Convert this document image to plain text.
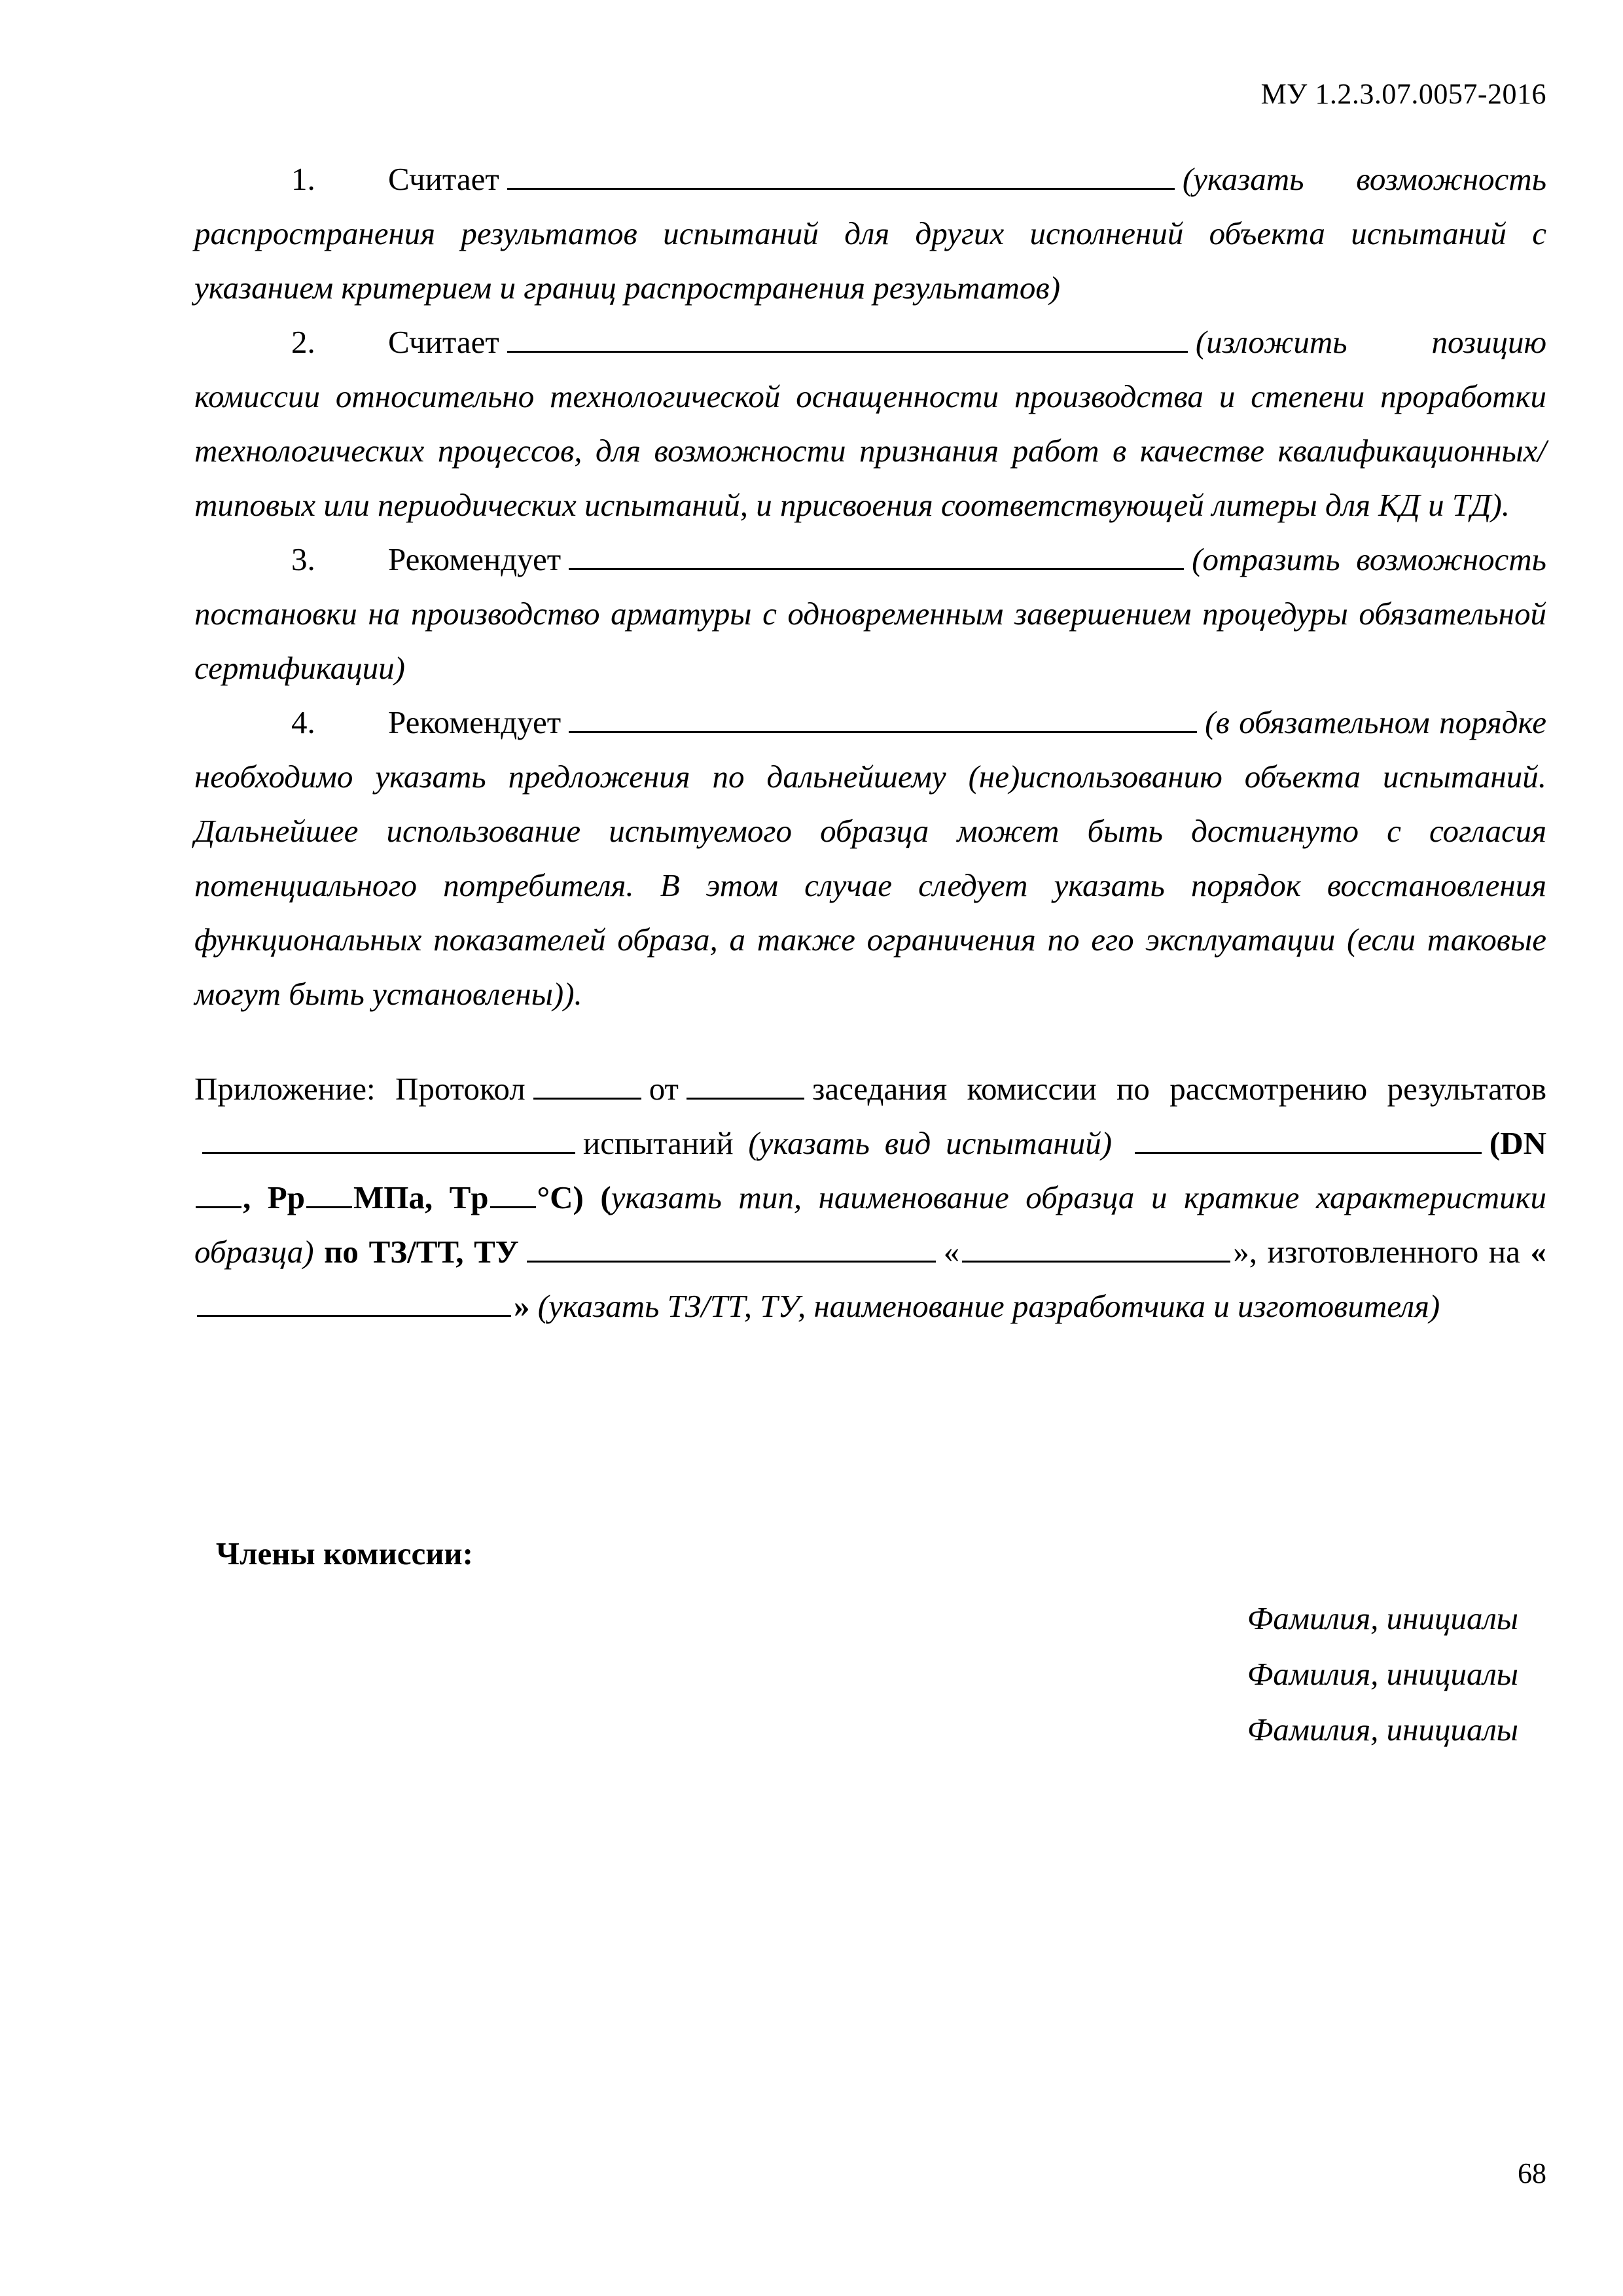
МУ 1.2.3.07.0057-2016

1. Считает	(указать возможность распространения результатов испытаний для других исполнений объекта испытаний с указанием критерием и границ распространения результатов)

2. Считает	(изложить позицию комиссии относительно технологической оснащенности производства и степени проработки технологических процессов, для возможности признания работ в качестве квалификационных/типовых или периодических испытаний, и присвоения соответствующей литеры для КД и ТД).

3. Рекомендует	(отразить возможность постановки на производство арматуры с одновременным завершением процедуры обязательной сертификации)

4. Рекомендует	(в обязательном порядке необходимо указать предложения по дальнейшему (не)использованию объекта испытаний. Дальнейшее использование испытуемого образца может быть достигнуто с согласия потенциального потребителя. В этом случае следует указать порядок восстановления функциональных показателей образа, а также ограничения по его эксплуатации (если таковые могут быть установлены)).

Приложение: Протокол	от	заседания комиссии по рассмотрению результатовиспытаний (указать вид испытаний)	(DN, Pр МПа, Tр °С) (указать тип, наименование образца и краткие характеристики образца) по ТЗ/ТТ, ТУ	«	», изготовленного на «» (указать ТЗ/ТТ, ТУ, наименование разработчика и изготовителя)

Члены комиссии:
Фамилия, инициалы
Фамилия, инициалы
Фамилия, инициалы
68
